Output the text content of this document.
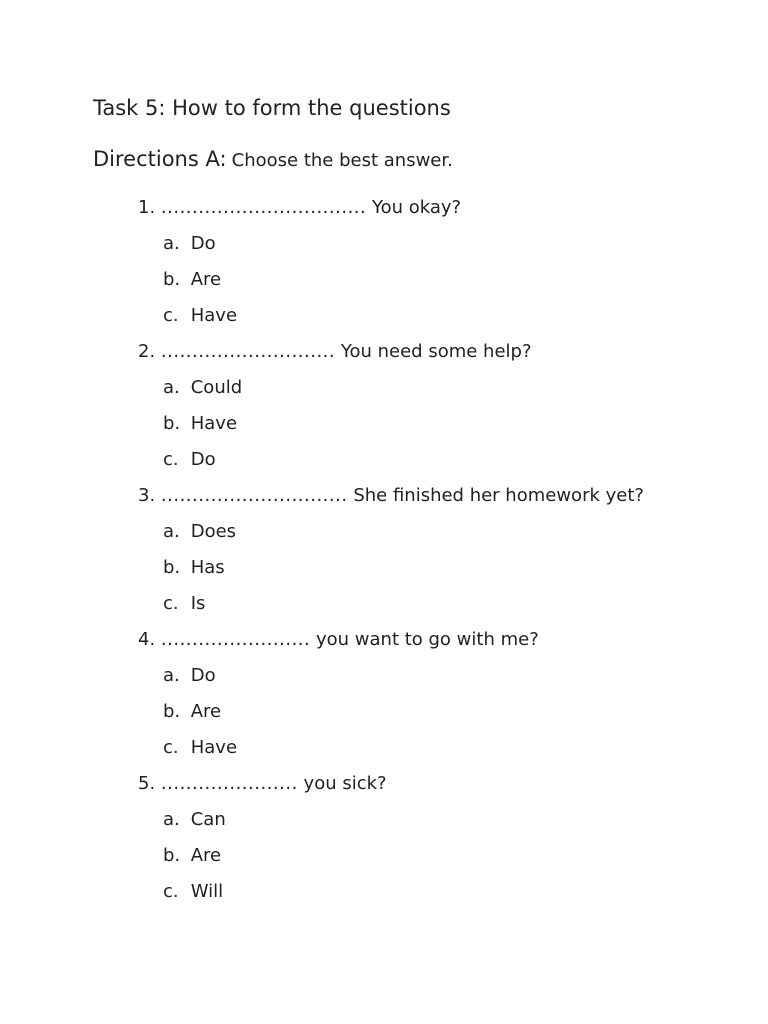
Task 5: How to form the questions
Directions A: Choose the best answer.
1. ................................. You okay?
a. Do
b. Are
c. Have
2. ............................ You need some help?
a. Could
b. Have
c. Do
3. .............................. She finished her homework yet?
a. Does
b. Has
c. Is
4. ........................ you want to go with me?
a. Do
b. Are
c. Have
5. ...................... you sick?
a. Can
b. Are
c. Will
